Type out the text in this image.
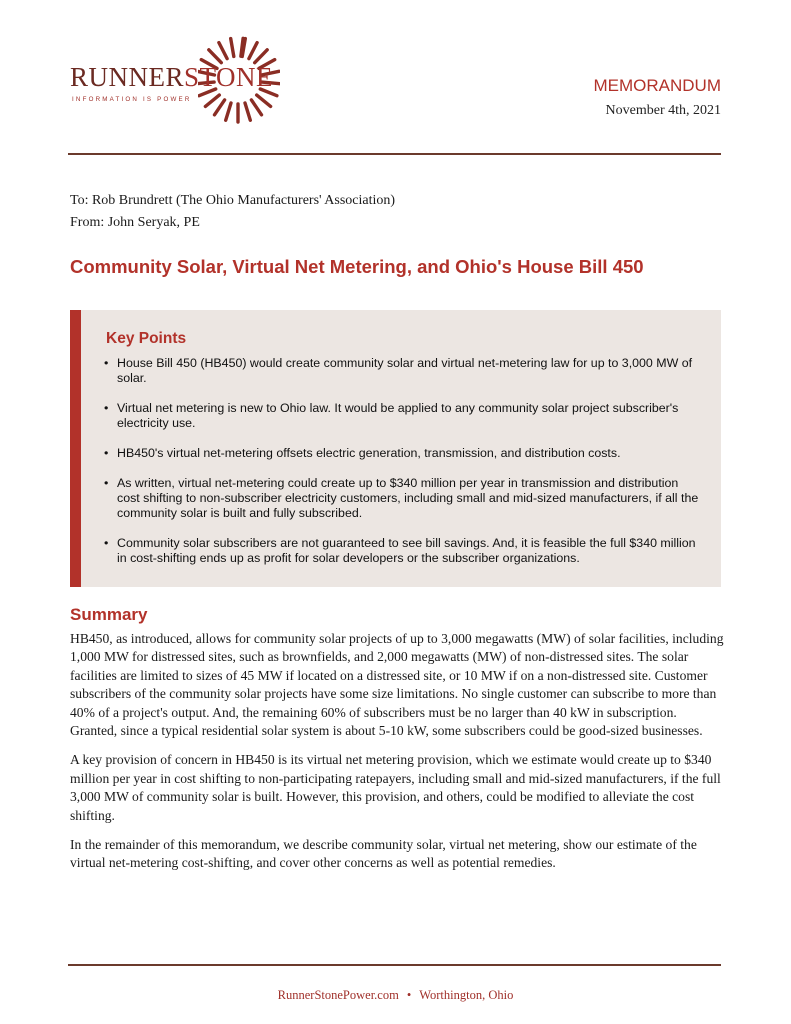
RUNNERSTONE
INFORMATION IS POWER
MEMORANDUM
November 4th, 2021
To: Rob Brundrett (The Ohio Manufacturers' Association)
From: John Seryak, PE
Community Solar, Virtual Net Metering, and Ohio's House Bill 450
Key Points
• House Bill 450 (HB450) would create community solar and virtual net-metering law for up to 3,000 MW of solar.
• Virtual net metering is new to Ohio law. It would be applied to any community solar project subscriber's electricity use.
• HB450's virtual net-metering offsets electric generation, transmission, and distribution costs.
• As written, virtual net-metering could create up to $340 million per year in transmission and distribution cost shifting to non-subscriber electricity customers, including small and mid-sized manufacturers, if all the community solar is built and fully subscribed.
• Community solar subscribers are not guaranteed to see bill savings. And, it is feasible the full $340 million in cost-shifting ends up as profit for solar developers or the subscriber organizations.
Summary

HB450, as introduced, allows for community solar projects of up to 3,000 megawatts (MW) of solar facilities, including 1,000 MW for distressed sites, such as brownfields, and 2,000 megawatts (MW) of non-distressed sites. The solar facilities are limited to sizes of 45 MW if located on a distressed site, or 10 MW if on a non-distressed site. Customer subscribers of the community solar projects have some size limitations. No single customer can subscribe to more than 40% of a project's output. And, the remaining 60% of subscribers must be no larger than 40 kW in subscription. Granted, since a typical residential solar system is about 5-10 kW, some subscribers could be good-sized businesses.

A key provision of concern in HB450 is its virtual net metering provision, which we estimate would create up to $340 million per year in cost shifting to non-participating ratepayers, including small and mid-sized manufacturers, if the full 3,000 MW of community solar is built. However, this provision, and others, could be modified to alleviate the cost shifting.

In the remainder of this memorandum, we describe community solar, virtual net metering, show our estimate of the virtual net-metering cost-shifting, and cover other concerns as well as potential remedies.

RunnerStonePower.com • Worthington, Ohio
